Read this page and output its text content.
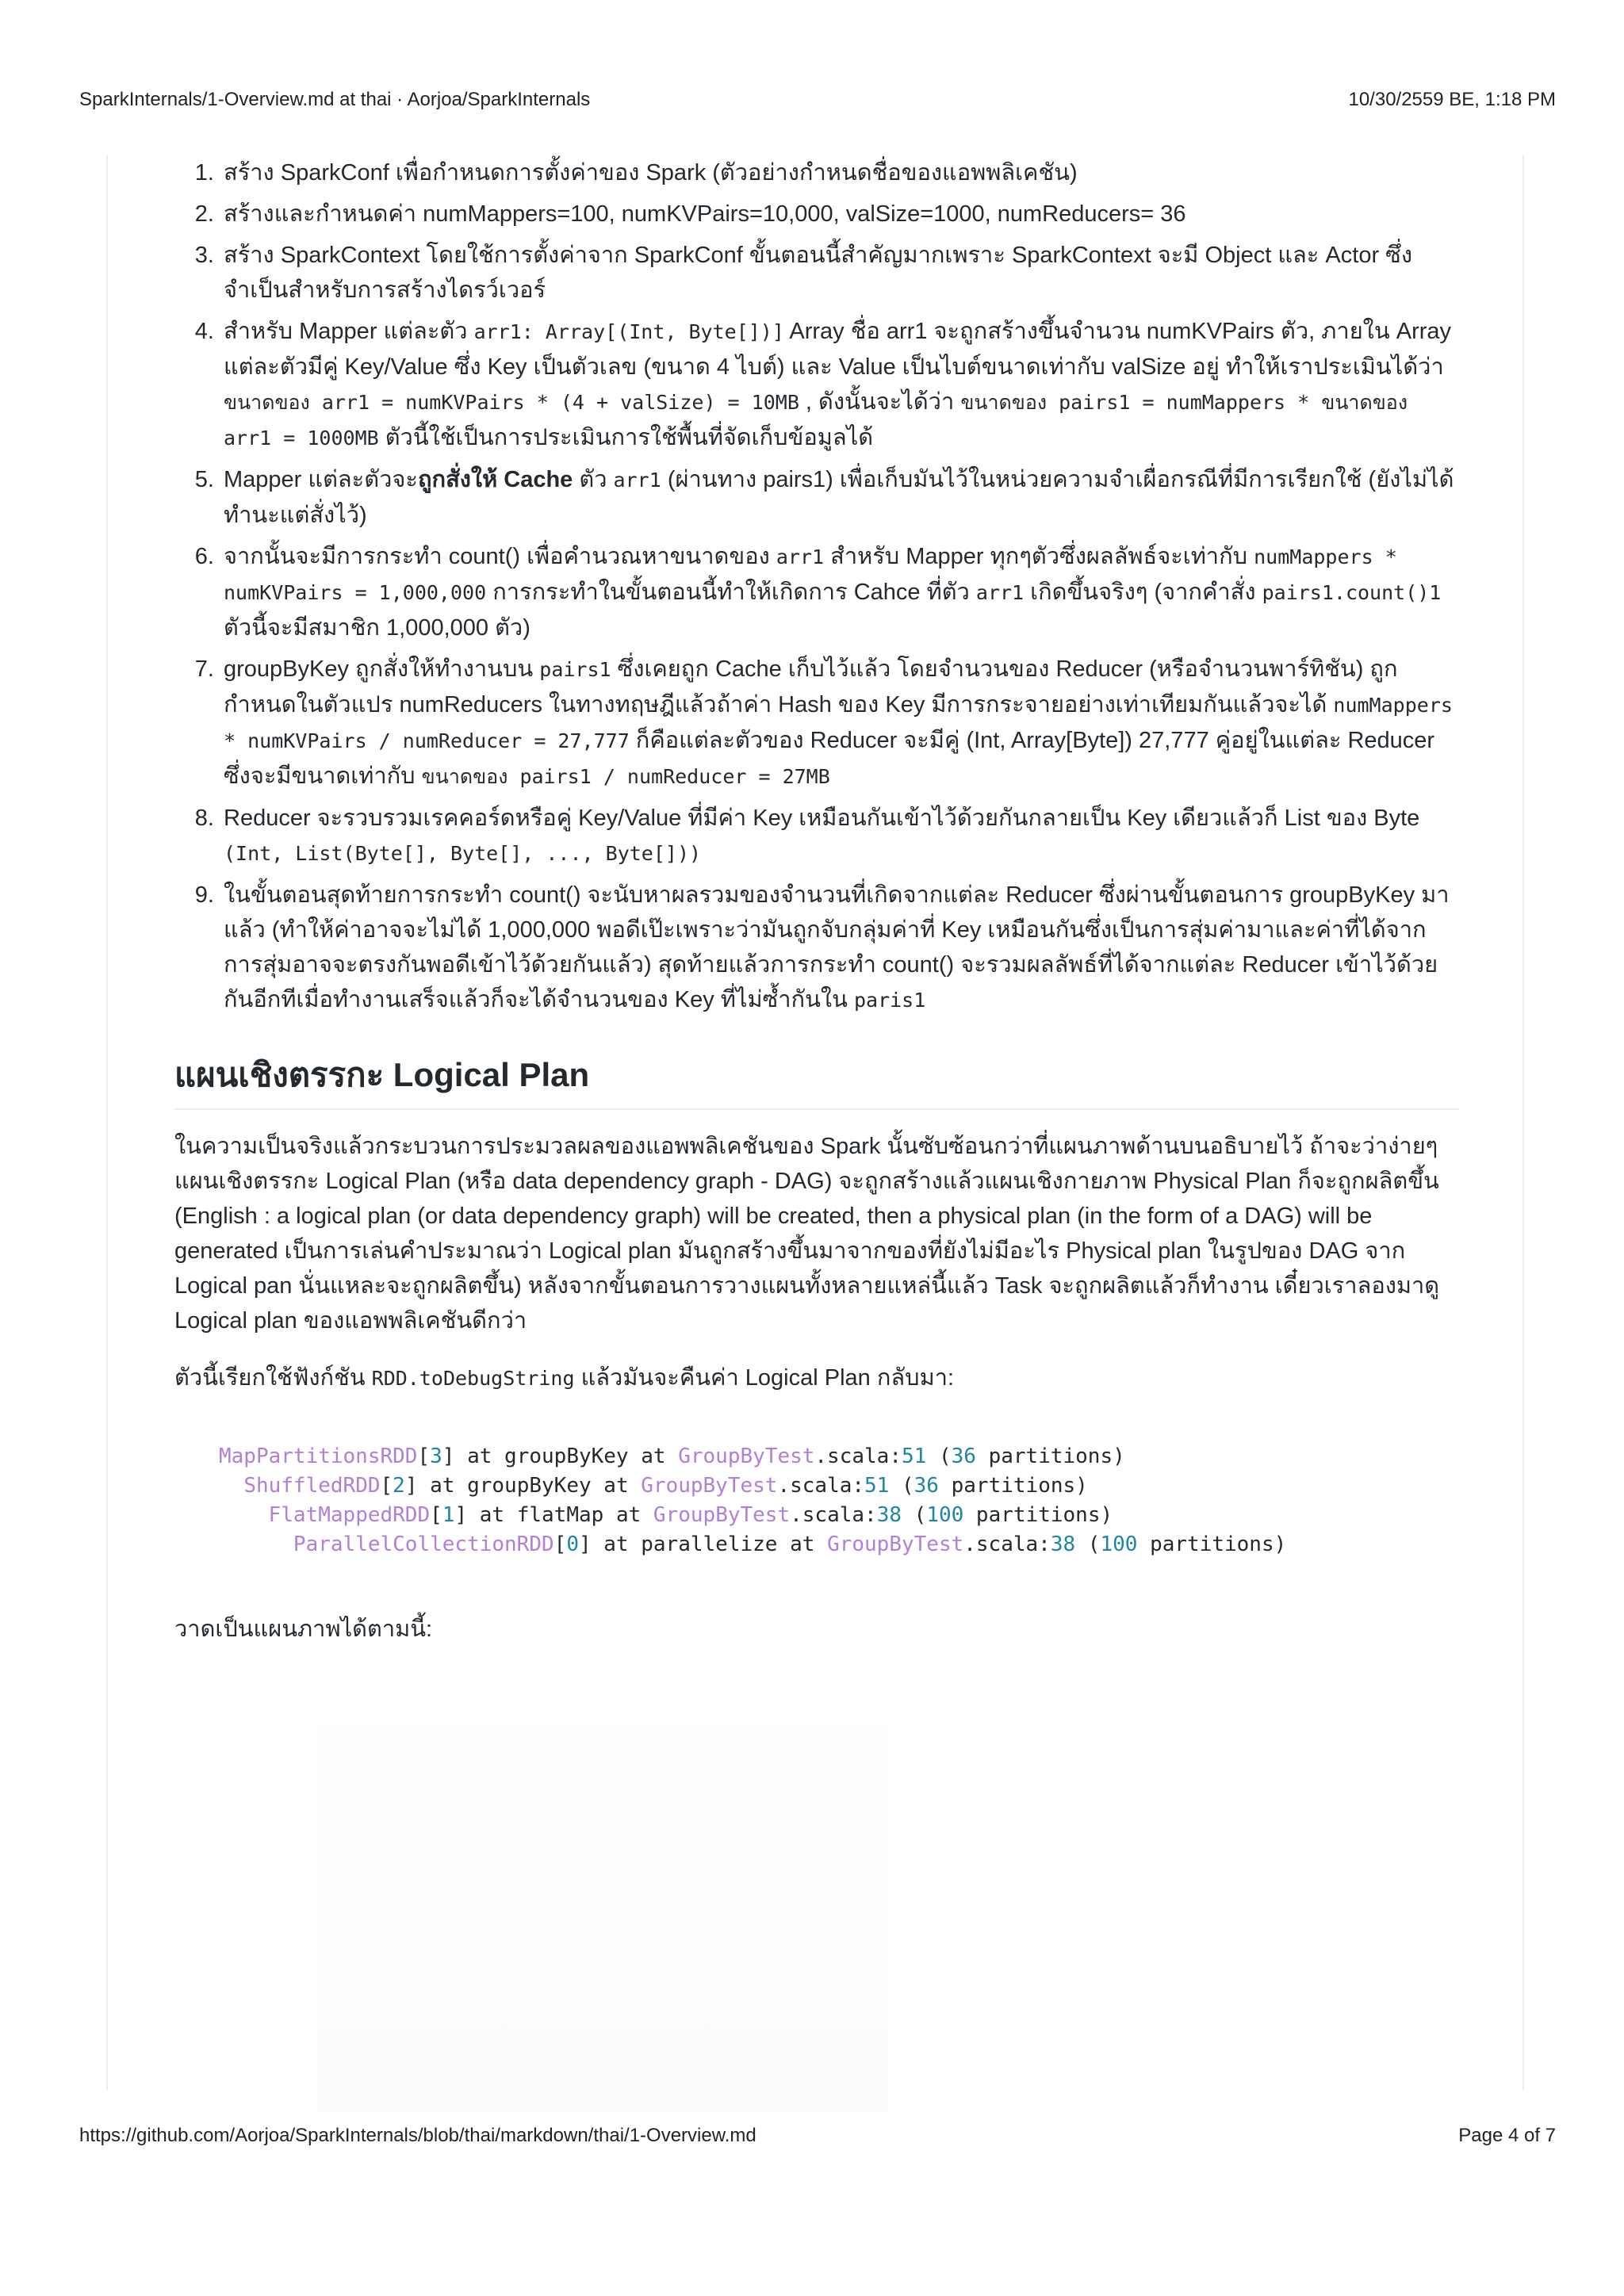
SparkInternals/1-Overview.md at thai · Aorjoa/SparkInternals	10/30/2559 BE, 1:18 PM
1. สร้าง SparkConf เพื่อกำหนดการตั้งค่าของ Spark (ตัวอย่างกำหนดชื่อของแอพพลิเคชัน)
2. สร้างและกำหนดค่า numMappers=100, numKVPairs=10,000, valSize=1000, numReducers= 36
3. สร้าง SparkContext โดยใช้การตั้งค่าจาก SparkConf ขั้นตอนนี้สำคัญมากเพราะ SparkContext จะมี Object และ Actor ซึ่งจำเป็นสำหรับการสร้างไดรว์เวอร์
4. สำหรับ Mapper แต่ละตัว arr1: Array[(Int, Byte[])] Array ชื่อ arr1 จะถูกสร้างขึ้นจำนวน numKVPairs ตัว, ภายใน Array แต่ละตัวมีคู่ Key/Value ซึ่ง Key เป็นตัวเลข (ขนาด 4 ไบต์) และ Value เป็นไบต์ขนาดเท่ากับ valSize อยู่ ทำให้เราประเมินได้ว่า ขนาดของ arr1 = numKVPairs * (4 + valSize) = 10MB , ดังนั้นจะได้ว่า ขนาดของ pairs1 = numMappers * ขนาดของ arr1 = 1000MB ตัวนี้ใช้เป็นการประเมินการใช้พื้นที่จัดเก็บข้อมูลได้
5. Mapper แต่ละตัวจะถูกสั่งให้ Cache ตัว arr1 (ผ่านทาง pairs1) เพื่อเก็บมันไว้ในหน่วยความจำเผื่อกรณีที่มีการเรียกใช้ (ยังไม่ได้ทำนะแต่สั่งไว้)
6. จากนั้นจะมีการกระทำ count() เพื่อคำนวณหาขนาดของ arr1 สำหรับ Mapper ทุกๆตัวซึ่งผลลัพธ์จะเท่ากับ numMappers * numKVPairs = 1,000,000 การกระทำในขั้นตอนนี้ทำให้เกิดการ Cahce ที่ตัว arr1 เกิดขึ้นจริงๆ (จากคำสั่ง pairs1.count()1 ตัวนี้จะมีสมาชิก 1,000,000 ตัว)
7. groupByKey ถูกสั่งให้ทำงานบน pairs1 ซึ่งเคยถูก Cache เก็บไว้แล้ว โดยจำนวนของ Reducer (หรือจำนวนพาร์ทิชัน) ถูกกำหนดในตัวแปร numReducers ในทางทฤษฎีแล้วถ้าค่า Hash ของ Key มีการกระจายอย่างเท่าเทียมกันแล้วจะได้ numMappers * numKVPairs / numReducer = 27,777 ก็คือแต่ละตัวของ Reducer จะมีคู่ (Int, Array[Byte]) 27,777 คู่อยู่ในแต่ละ Reducer ซึ่งจะมีขนาดเท่ากับ ขนาดของ pairs1 / numReducer = 27MB
8. Reducer จะรวบรวมเรคคอร์ดหรือคู่ Key/Value ที่มีค่า Key เหมือนกันเข้าไว้ด้วยกันกลายเป็น Key เดียวแล้วก็ List ของ Byte (Int, List(Byte[], Byte[], ..., Byte[]))
9. ในขั้นตอนสุดท้ายการกระทำ count() จะนับหาผลรวมของจำนวนที่เกิดจากแต่ละ Reducer ซึ่งผ่านขั้นตอนการ groupByKey มาแล้ว (ทำให้ค่าอาจจะไม่ได้ 1,000,000 พอดีเป๊ะเพราะว่ามันถูกจับกลุ่มค่าที่ Key เหมือนกันซึ่งเป็นการสุ่มค่ามาและค่าที่ได้จากการสุ่มอาจจะตรงกันพอดีเข้าไว้ด้วยกันแล้ว) สุดท้ายแล้วการกระทำ count() จะรวมผลลัพธ์ที่ได้จากแต่ละ Reducer เข้าไว้ด้วยกันอีกทีเมื่อทำงานเสร็จแล้วก็จะได้จำนวนของ Key ที่ไม่ซ้ำกันใน paris1
แผนเชิงตรรกะ Logical Plan

ในความเป็นจริงแล้วกระบวนการประมวลผลของแอพพลิเคชันของ Spark นั้นซับซ้อนกว่าที่แผนภาพด้านบนอธิบายไว้ ถ้าจะว่าง่ายๆ แผนเชิงตรรกะ Logical Plan (หรือ data dependency graph - DAG) จะถูกสร้างแล้วแผนเชิงกายภาพ Physical Plan ก็จะถูกผลิตขึ้น (English : a logical plan (or data dependency graph) will be created, then a physical plan (in the form of a DAG) will be generated เป็นการเล่นคำประมาณว่า Logical plan มันถูกสร้างขึ้นมาจากของที่ยังไม่มีอะไร Physical plan ในรูปของ DAG จาก Logical pan นั่นแหละจะถูกผลิตขึ้น) หลังจากขั้นตอนการวางแผนทั้งหลายแหล่นี้แล้ว Task จะถูกผลิตแล้วก็ทำงาน เดี๋ยวเราลองมาดู Logical plan ของแอพพลิเคชันดีกว่า

ตัวนี้เรียกใช้ฟังก์ชัน RDD.toDebugString แล้วมันจะคืนค่า Logical Plan กลับมา:

MapPartitionsRDD[3] at groupByKey at GroupByTest.scala:51 (36 partitions)
ShuffledRDD[2] at groupByKey at GroupByTest.scala:51 (36 partitions)
FlatMappedRDD[1] at flatMap at GroupByTest.scala:38 (100 partitions)
ParallelCollectionRDD[0] at parallelize at GroupByTest.scala:38 (100 partitions)

วาดเป็นแผนภาพได้ตามนี้:

https://github.com/Aorjoa/SparkInternals/blob/thai/markdown/thai/1-Overview.md	Page 4 of 7
